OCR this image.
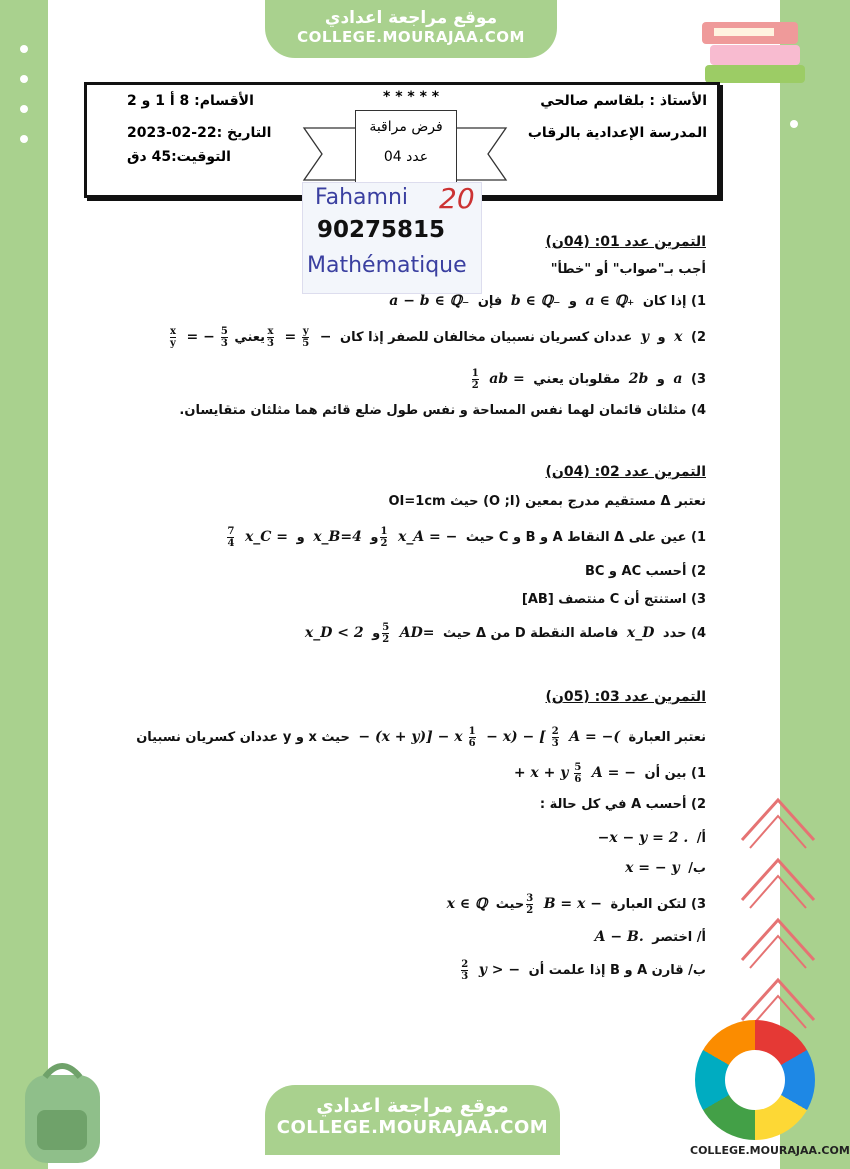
موقع مراجعة اعدادي
COLLEGE.MOURAJAA.COM
الأستاذ : بلقاسم صالحي
المدرسة الإعدادية بالرقاب
* * * * *
الأقسام: 8 أ 1 و 2
التاريخ :22-02-2023
التوقيت:45 دق
فرض مراقبة
عدد 04
Fahamni 20
90275815
Mathématique
التمرين عدد 01: (04ن)
أجب بـ"صواب" أو "خطأ"
1) إذا كان a ∈ ℚ₊ و b ∈ ℚ₋ فإن a − b ∈ ℚ₋
2) x و y عددان كسريان نسبيان مخالفان للصفر إذا كان −
$\frac{y}{5}$
=
$\frac{x}{3}$
يعني
$\frac{5}{3}$
= −
$\frac{x}{y}$
3) a و 2b مقلوبان يعني ab =
$\frac{1}{2}$
4) مثلثان قائمان لهما نفس المساحة و نفس طول ضلع قائم هما مثلثان متقايسان.
التمرين عدد 02: (04ن)
نعتبر Δ مستقيم مدرج بمعين (O ;I) حيث OI=1cm
1) عين على Δ النقاط A و B و C حيث x_A = −
$\frac{1}{2}$
و x_B=4 و x_C =
$\frac{7}{4}$
2) أحسب AC و BC
3) استنتج أن C منتصف [AB]
4) حدد x_D فاصلة النقطة D من Δ حيث AD=
$\frac{5}{2}$
و x_D < 2
التمرين عدد 03: (05ن)
نعتبر العبارة A = −(
$\frac{2}{3}$
− x) − [
$\frac{1}{6}$
− (x + y)] − x حيث x و y عددان كسريان نسبيان
1) بين أن A = −
$\frac{5}{6}$
+ x + y
2) أحسب A في كل حالة :
أ/ −x − y = 2 .
ب/ x = − y
3) لتكن العبارة B = x −
$\frac{3}{2}$
حيث x ∈ ℚ
أ/ اختصر A − B.
ب/ قارن A و B إذا علمت أن y > −
$\frac{2}{3}$
COLLEGE.MOURAJAA.COM
موقع مراجعة اعدادي
COLLEGE.MOURAJAA.COM
